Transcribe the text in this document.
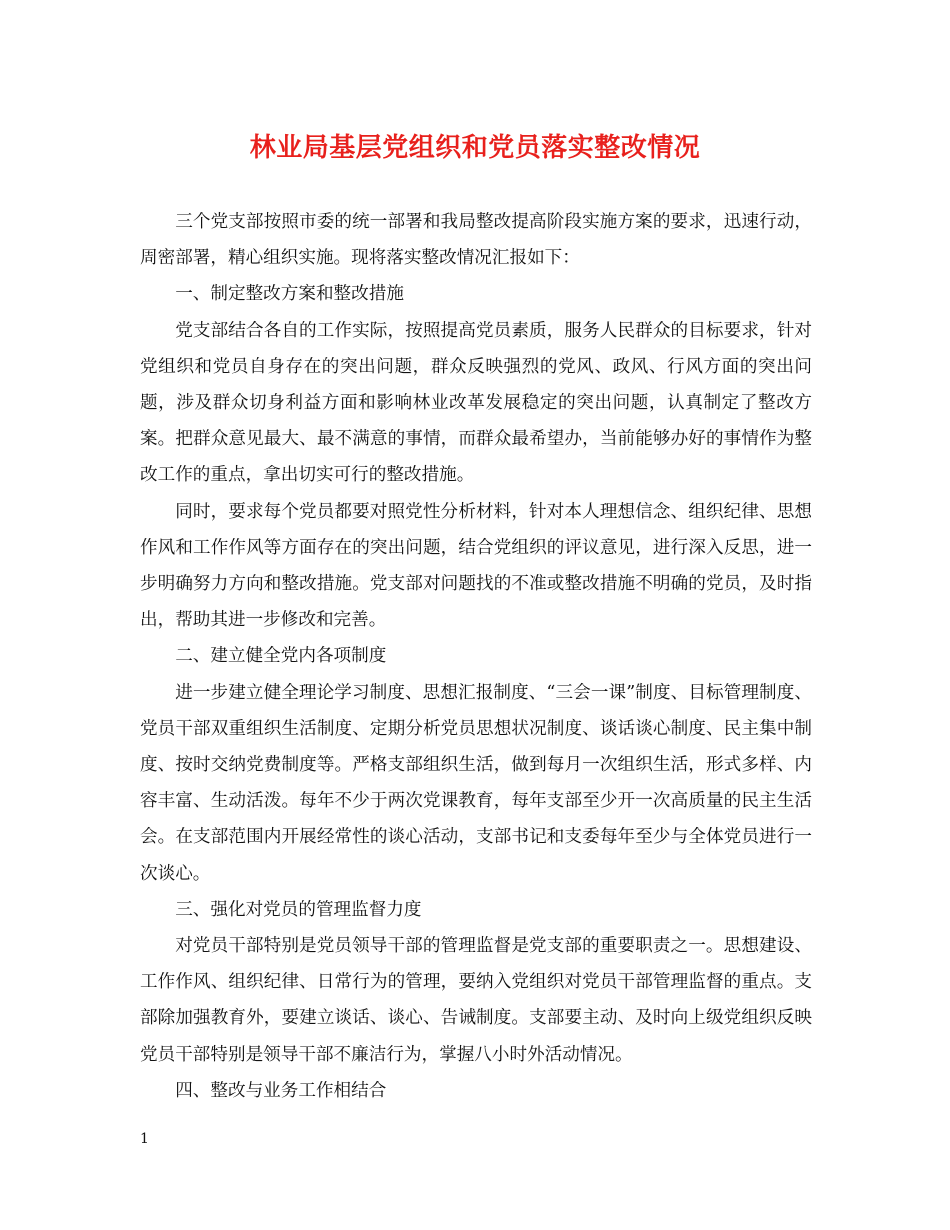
林业局基层党组织和党员落实整改情况

三个党支部按照市委的统一部署和我局整改提高阶段实施方案的要求，迅速行动，周密部署，精心组织实施。现将落实整改情况汇报如下：

一、制定整改方案和整改措施

党支部结合各自的工作实际，按照提高党员素质，服务人民群众的目标要求，针对党组织和党员自身存在的突出问题，群众反映强烈的党风、政风、行风方面的突出问题，涉及群众切身利益方面和影响林业改革发展稳定的突出问题，认真制定了整改方案。把群众意见最大、最不满意的事情，而群众最希望办，当前能够办好的事情作为整改工作的重点，拿出切实可行的整改措施。

同时，要求每个党员都要对照党性分析材料，针对本人理想信念、组织纪律、思想作风和工作作风等方面存在的突出问题，结合党组织的评议意见，进行深入反思，进一步明确努力方向和整改措施。党支部对问题找的不准或整改措施不明确的党员，及时指出，帮助其进一步修改和完善。

二、建立健全党内各项制度

进一步建立健全理论学习制度、思想汇报制度、“三会一课”制度、目标管理制度、党员干部双重组织生活制度、定期分析党员思想状况制度、谈话谈心制度、民主集中制度、按时交纳党费制度等。严格支部组织生活，做到每月一次组织生活，形式多样、内容丰富、生动活泼。每年不少于两次党课教育，每年支部至少开一次高质量的民主生活会。在支部范围内开展经常性的谈心活动，支部书记和支委每年至少与全体党员进行一次谈心。

三、强化对党员的管理监督力度

对党员干部特别是党员领导干部的管理监督是党支部的重要职责之一。思想建设、工作作风、组织纪律、日常行为的管理，要纳入党组织对党员干部管理监督的重点。支部除加强教育外，要建立谈话、谈心、告诫制度。支部要主动、及时向上级党组织反映党员干部特别是领导干部不廉洁行为，掌握八小时外活动情况。

四、整改与业务工作相结合

1
